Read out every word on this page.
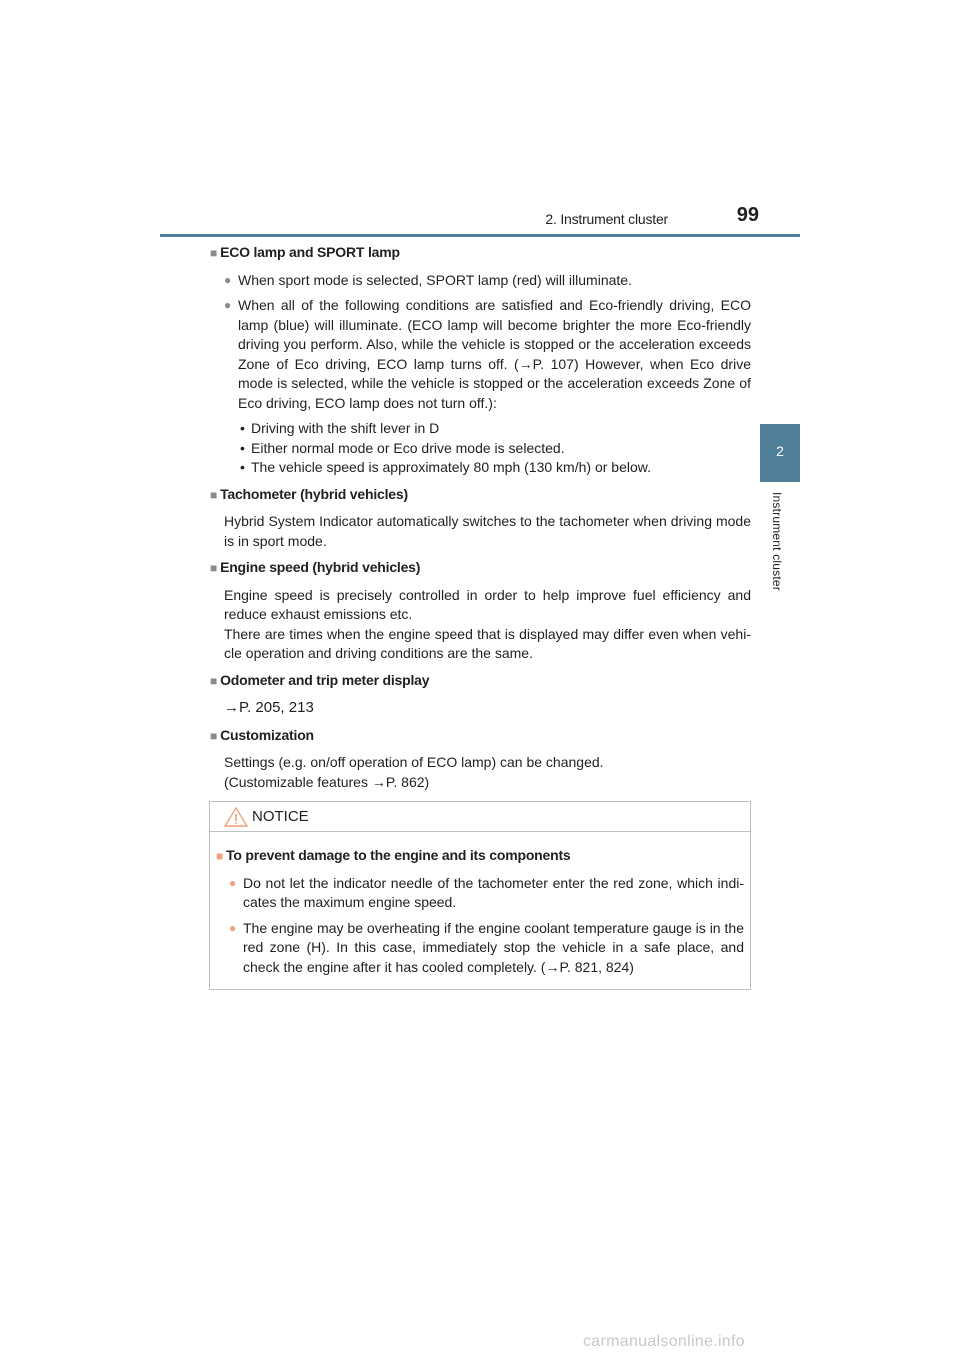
2. Instrument cluster	99
2
Instrument cluster

■ ECO lamp and SPORT lamp

● When sport mode is selected, SPORT lamp (red) will illuminate.

● When all of the following conditions are satisfied and Eco-friendly driving, ECO lamp (blue) will illuminate. (ECO lamp will become brighter the more Eco-friendly driving you perform. Also, while the vehicle is stopped or the acceleration exceeds Zone of Eco driving, ECO lamp turns off. (→P. 107) However, when Eco drive mode is selected, while the vehicle is stopped or the acceleration exceeds Zone of Eco driving, ECO lamp does not turn off.):

• Driving with the shift lever in D

• Either normal mode or Eco drive mode is selected.

• The vehicle speed is approximately 80 mph (130 km/h) or below.

■ Tachometer (hybrid vehicles)

Hybrid System Indicator automatically switches to the tachometer when driving mode is in sport mode.

■ Engine speed (hybrid vehicles)

Engine speed is precisely controlled in order to help improve fuel efficiency and reduce exhaust emissions etc.

There are times when the engine speed that is displayed may differ even when vehi-cle operation and driving conditions are the same.

■ Odometer and trip meter display

→P. 205, 213

■ Customization

Settings (e.g. on/off operation of ECO lamp) can be changed.

(Customizable features →P. 862)

NOTICE

■ To prevent damage to the engine and its components

● Do not let the indicator needle of the tachometer enter the red zone, which indi-cates the maximum engine speed.

● The engine may be overheating if the engine coolant temperature gauge is in the red zone (H). In this case, immediately stop the vehicle in a safe place, and check the engine after it has cooled completely. (→P. 821, 824)

carmanualsonline.info
